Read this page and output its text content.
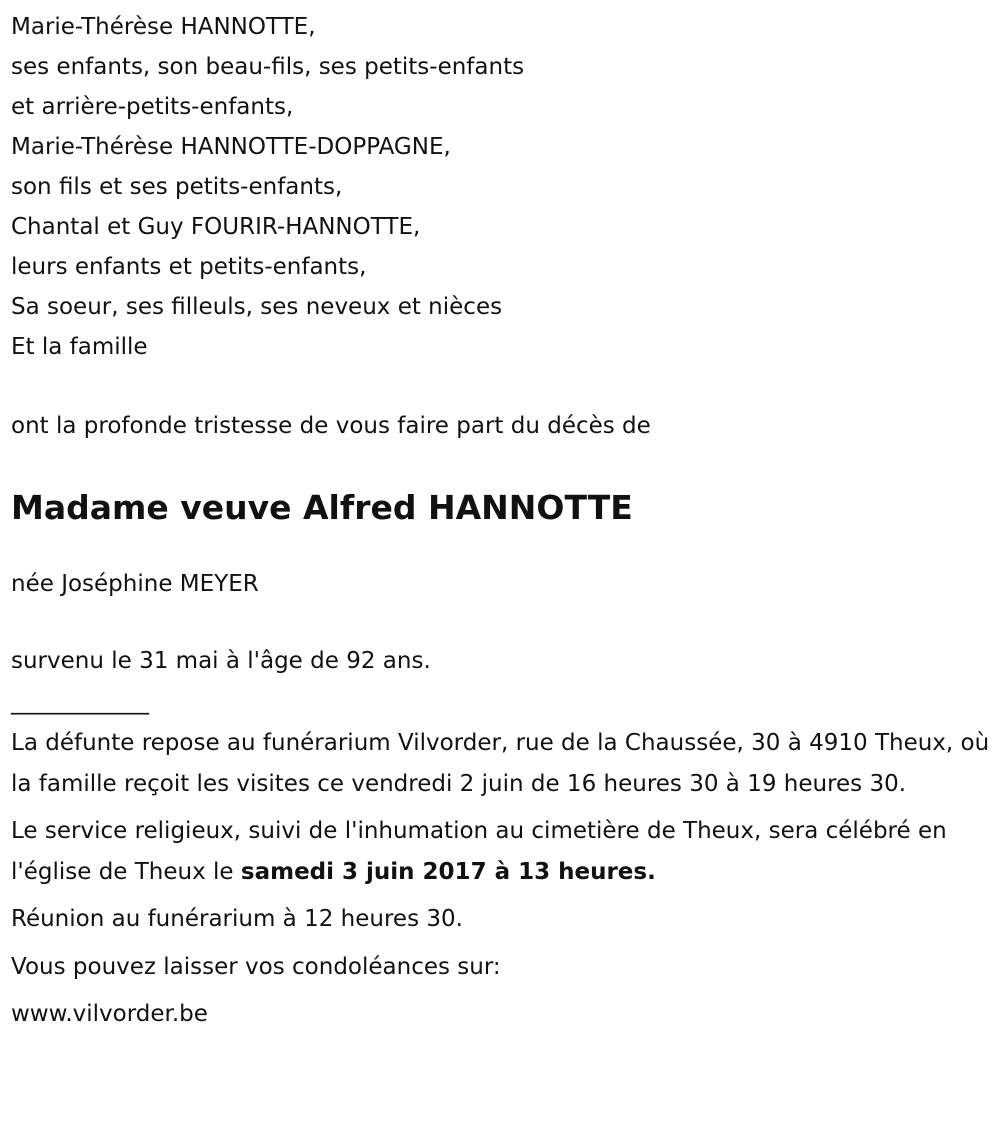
Marie-Thérèse HANNOTTE,
ses enfants, son beau-fils, ses petits-enfants
et arrière-petits-enfants,
Marie-Thérèse HANNOTTE-DOPPAGNE,
son fils et ses petits-enfants,
Chantal et Guy FOURIR-HANNOTTE,
leurs enfants et petits-enfants,
Sa soeur, ses filleuls, ses neveux et nièces
Et la famille
ont la profonde tristesse de vous faire part du décès de
Madame veuve Alfred HANNOTTE
née Joséphine MEYER
survenu le 31 mai à l'âge de 92 ans.
____________
La défunte repose au funérarium Vilvorder, rue de la Chaussée, 30 à 4910 Theux, où la famille reçoit les visites ce vendredi 2 juin de 16 heures 30 à 19 heures 30.
Le service religieux, suivi de l'inhumation au cimetière de Theux, sera célébré en l'église de Theux le samedi 3 juin 2017 à 13 heures.
Réunion au funérarium à 12 heures 30.
Vous pouvez laisser vos condoléances sur:
www.vilvorder.be
